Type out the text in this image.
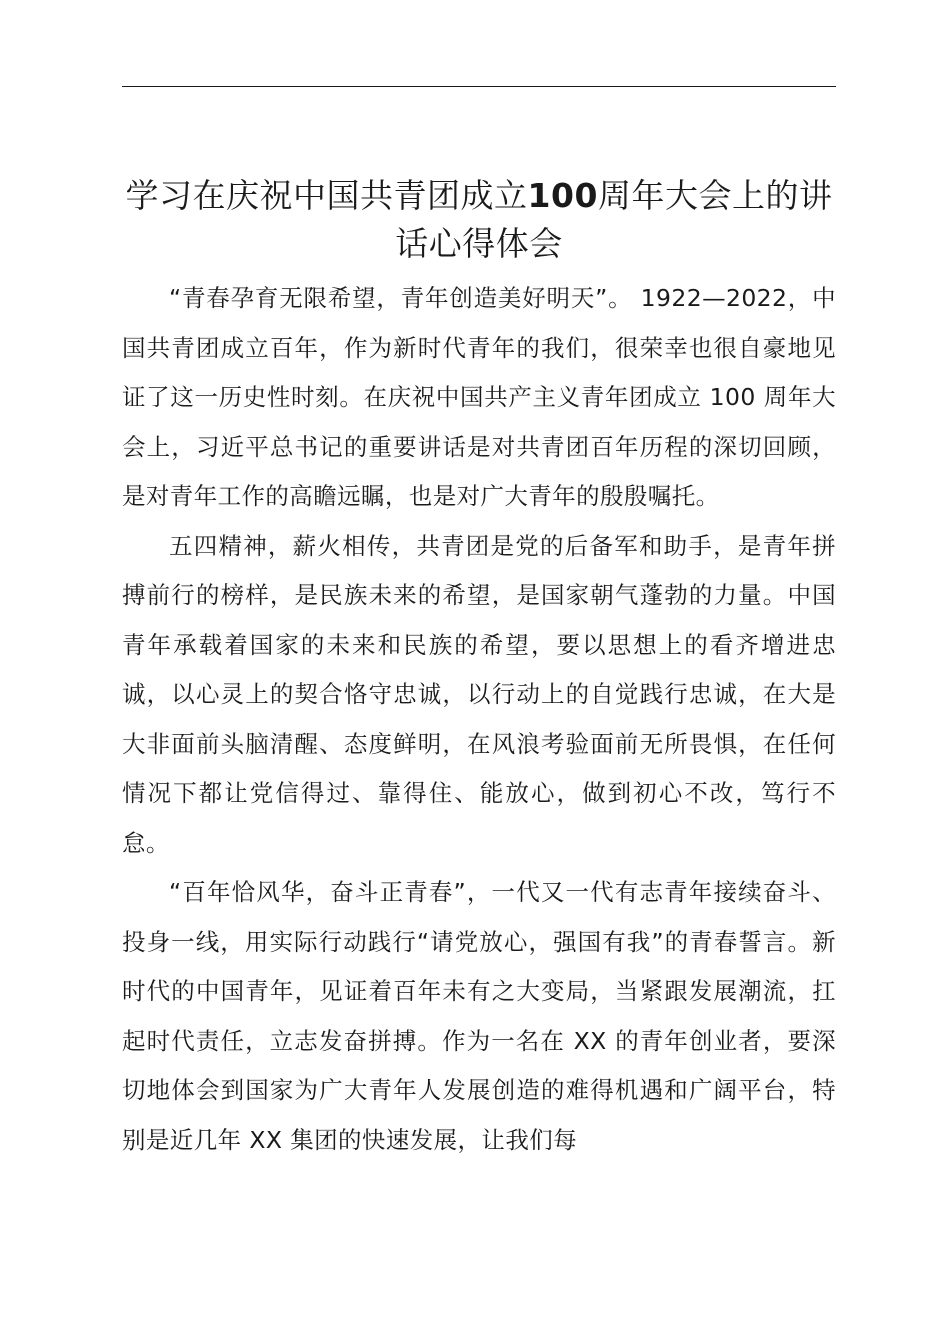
学习在庆祝中国共青团成立100周年大会上的讲话心得体会

“青春孕育无限希望，青年创造美好明天”。 1922—2022，中国共青团成立百年，作为新时代青年的我们，很荣幸也很自豪地见证了这一历史性时刻。在庆祝中国共产主义青年团成立 100 周年大会上，习近平总书记的重要讲话是对共青团百年历程的深切回顾，是对青年工作的高瞻远瞩，也是对广大青年的殷殷嘱托。

五四精神，薪火相传，共青团是党的后备军和助手，是青年拼搏前行的榜样，是民族未来的希望，是国家朝气蓬勃的力量。中国青年承载着国家的未来和民族的希望，要以思想上的看齐增进忠诚，以心灵上的契合恪守忠诚，以行动上的自觉践行忠诚，在大是大非面前头脑清醒、态度鲜明，在风浪考验面前无所畏惧，在任何情况下都让党信得过、靠得住、能放心，做到初心不改，笃行不怠。

“百年恰风华，奋斗正青春”，一代又一代有志青年接续奋斗、投身一线，用实际行动践行“请党放心，强国有我”的青春誓言。新时代的中国青年，见证着百年未有之大变局，当紧跟发展潮流，扛起时代责任，立志发奋拼搏。作为一名在 XX 的青年创业者，要深切地体会到国家为广大青年人发展创造的难得机遇和广阔平台，特别是近几年 XX 集团的快速发展，让我们每
